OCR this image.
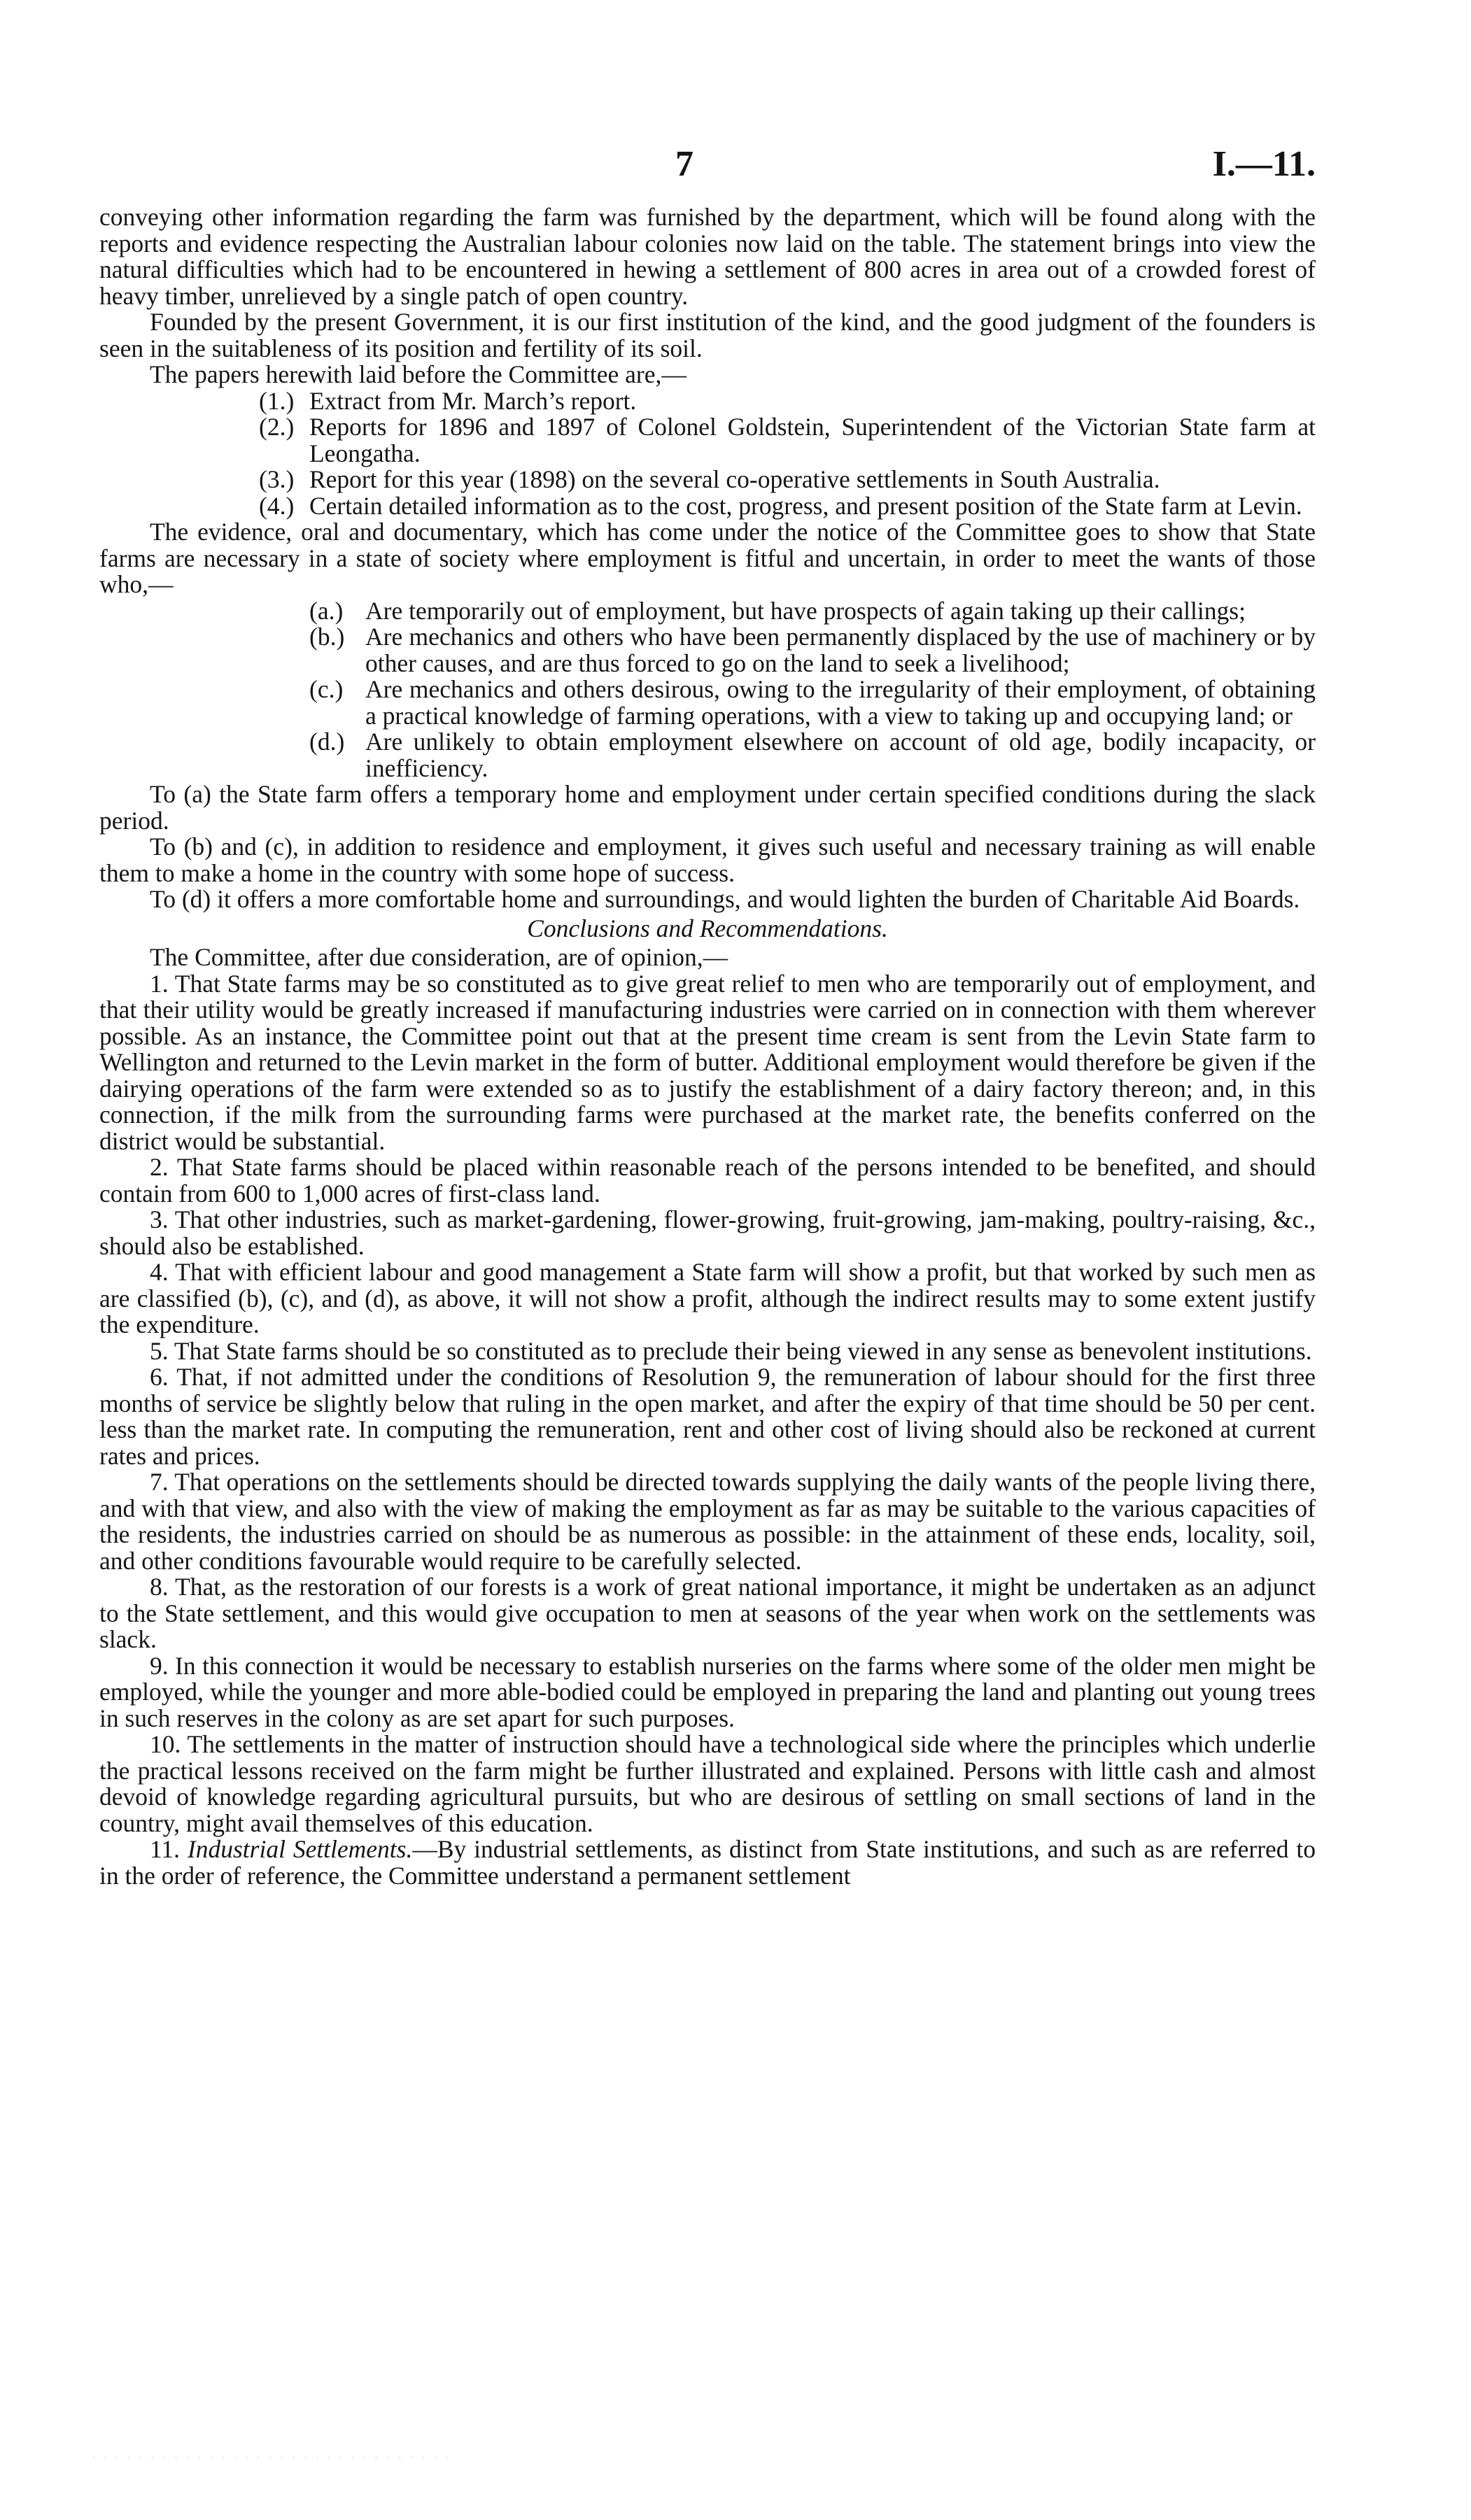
7	I.—11.

conveying other information regarding the farm was furnished by the department, which will be found along with the reports and evidence respecting the Australian labour colonies now laid on the table. The statement brings into view the natural difficulties which had to be encountered in hewing a settlement of 800 acres in area out of a crowded forest of heavy timber, unrelieved by a single patch of open country.

Founded by the present Government, it is our first institution of the kind, and the good judgment of the founders is seen in the suitableness of its position and fertility of its soil.

The papers herewith laid before the Committee are,—

(1.) Extract from Mr. March’s report.
(2.) Reports for 1896 and 1897 of Colonel Goldstein, Superintendent of the Victorian State farm at Leongatha.
(3.) Report for this year (1898) on the several co-operative settlements in South Australia.
(4.) Certain detailed information as to the cost, progress, and present position of the State farm at Levin.

The evidence, oral and documentary, which has come under the notice of the Committee goes to show that State farms are necessary in a state of society where employment is fitful and uncertain, in order to meet the wants of those who,—

(a.) Are temporarily out of employment, but have prospects of again taking up their callings;
(b.) Are mechanics and others who have been permanently displaced by the use of machinery or by other causes, and are thus forced to go on the land to seek a livelihood;
(c.) Are mechanics and others desirous, owing to the irregularity of their employment, of obtaining a practical knowledge of farming operations, with a view to taking up and occupying land; or
(d.) Are unlikely to obtain employment elsewhere on account of old age, bodily incapacity, or inefficiency.

To (a) the State farm offers a temporary home and employment under certain specified conditions during the slack period.

To (b) and (c), in addition to residence and employment, it gives such useful and necessary training as will enable them to make a home in the country with some hope of success.

To (d) it offers a more comfortable home and surroundings, and would lighten the burden of Charitable Aid Boards.

Conclusions and Recommendations.

The Committee, after due consideration, are of opinion,—

1. That State farms may be so constituted as to give great relief to men who are temporarily out of employment, and that their utility would be greatly increased if manufacturing industries were carried on in connection with them wherever possible. As an instance, the Committee point out that at the present time cream is sent from the Levin State farm to Wellington and returned to the Levin market in the form of butter. Additional employment would therefore be given if the dairying operations of the farm were extended so as to justify the establishment of a dairy factory thereon; and, in this connection, if the milk from the surrounding farms were purchased at the market rate, the benefits conferred on the district would be substantial.

2. That State farms should be placed within reasonable reach of the persons intended to be benefited, and should contain from 600 to 1,000 acres of first-class land.

3. That other industries, such as market-gardening, flower-growing, fruit-growing, jam-making, poultry-raising, &c., should also be established.

4. That with efficient labour and good management a State farm will show a profit, but that worked by such men as are classified (b), (c), and (d), as above, it will not show a profit, although the indirect results may to some extent justify the expenditure.

5. That State farms should be so constituted as to preclude their being viewed in any sense as benevolent institutions.

6. That, if not admitted under the conditions of Resolution 9, the remuneration of labour should for the first three months of service be slightly below that ruling in the open market, and after the expiry of that time should be 50 per cent. less than the market rate. In computing the remuneration, rent and other cost of living should also be reckoned at current rates and prices.

7. That operations on the settlements should be directed towards supplying the daily wants of the people living there, and with that view, and also with the view of making the employment as far as may be suitable to the various capacities of the residents, the industries carried on should be as numerous as possible: in the attainment of these ends, locality, soil, and other conditions favourable would require to be carefully selected.

8. That, as the restoration of our forests is a work of great national importance, it might be undertaken as an adjunct to the State settlement, and this would give occupation to men at seasons of the year when work on the settlements was slack.

9. In this connection it would be necessary to establish nurseries on the farms where some of the older men might be employed, while the younger and more able-bodied could be employed in preparing the land and planting out young trees in such reserves in the colony as are set apart for such purposes.

10. The settlements in the matter of instruction should have a technological side where the principles which underlie the practical lessons received on the farm might be further illustrated and explained. Persons with little cash and almost devoid of knowledge regarding agricultural pursuits, but who are desirous of settling on small sections of land in the country, might avail themselves of this education.

11. Industrial Settlements.—By industrial settlements, as distinct from State institutions, and such as are referred to in the order of reference, the Committee understand a permanent settlement

· · · · · · · · · · · · · · · · · · · · · · · · · · · · · · ·
